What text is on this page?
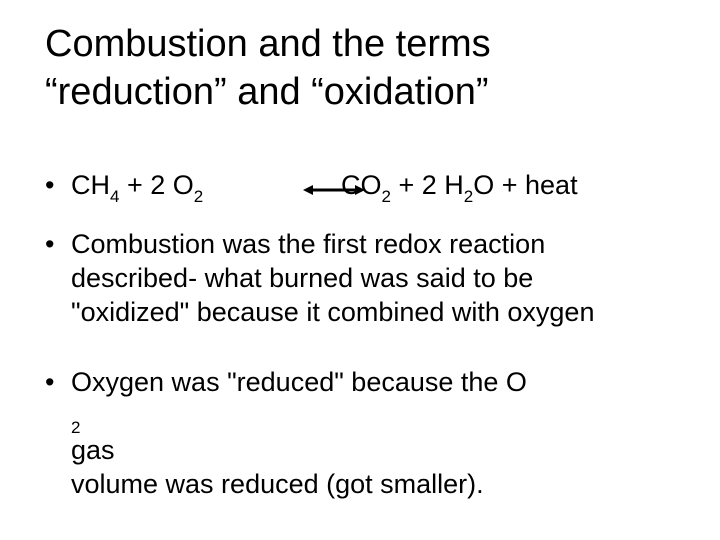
Combustion and the terms
“reduction” and “oxidation”
• $CH_4 + 2$ $O_2$	$CO_2 + 2$ $H_2O$ + heat
• Combustion was the first redox reaction
described- what burned was said to be
"oxidized" because it combined with oxygen
• Oxygen was "reduced" because the O
$_2$
gas
volume was reduced (got smaller).
